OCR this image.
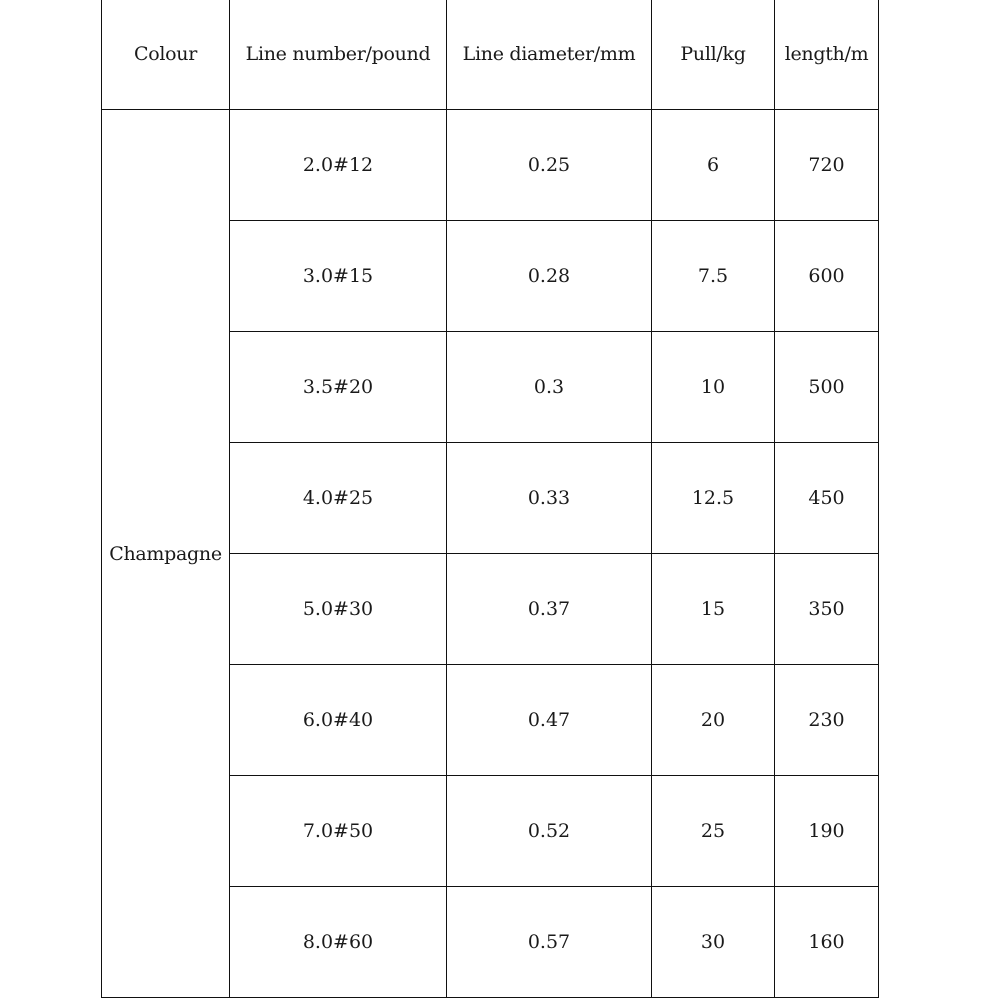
Colour	Line number/pound	Line diameter/mm	Pull/kg	length/m
Champagne	2.0#12	0.25	6	720
	3.0#15	0.28	7.5	600
	3.5#20	0.3	10	500
	4.0#25	0.33	12.5	450
	5.0#30	0.37	15	350
	6.0#40	0.47	20	230
	7.0#50	0.52	25	190
	8.0#60	0.57	30	160
